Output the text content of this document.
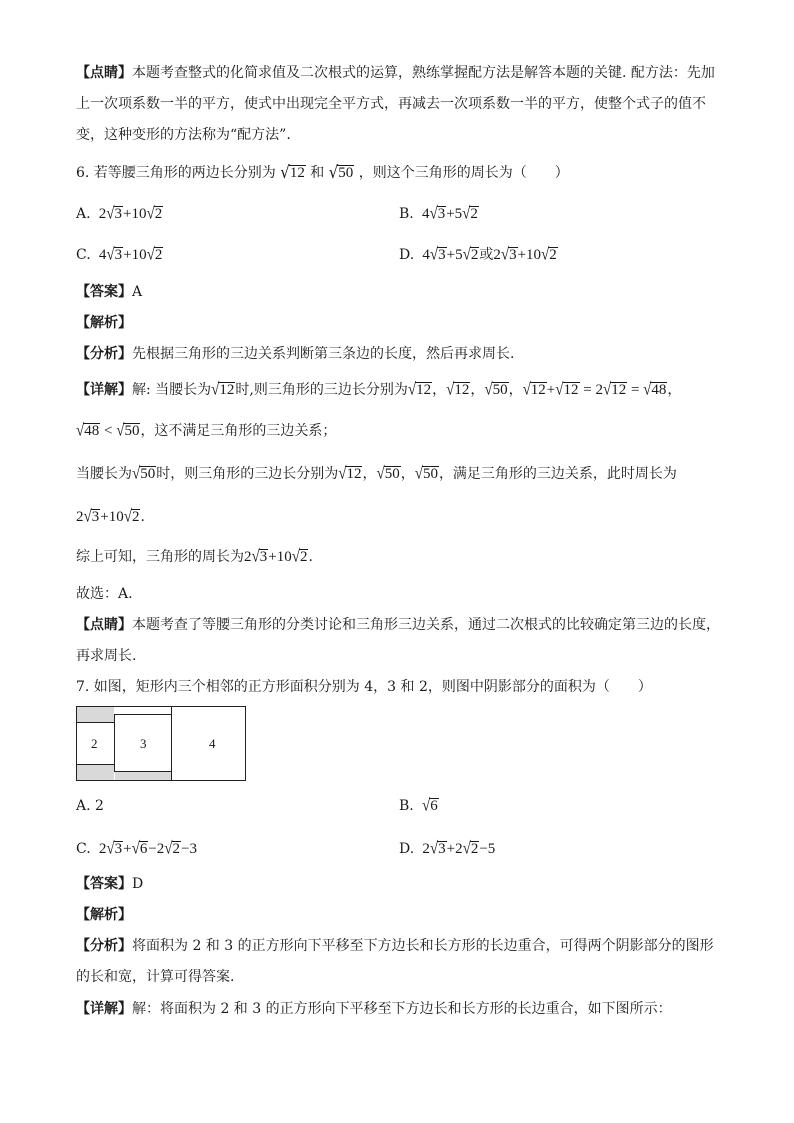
【点睛】本题考查整式的化简求值及二次根式的运算，熟练掌握配方法是解答本题的关键. 配方法：先加
上一次项系数一半的平方，使式中出现完全平方式，再减去一次项系数一半的平方，使整个式子的值不
变，这种变形的方法称为“配方法”.
6. 若等腰三角形的两边长分别为 √12 和 √50 ，则这个三角形的周长为（　　）
A.  2√3+10√2	B.  4√3+5√2
C.  4√3+10√2	D.  4√3+5√2或2√3+10√2
【答案】A
【解析】
【分析】先根据三角形的三边关系判断第三条边的长度，然后再求周长.
【详解】解: 当腰长为√12时,则三角形的三边长分别为√12，√12，√50，√12+√12 = 2√12 = √48，
√48 < √50，这不满足三角形的三边关系；
当腰长为√50时，则三角形的三边长分别为√12，√50，√50，满足三角形的三边关系，此时周长为
2√3+10√2.
综上可知，三角形的周长为2√3+10√2.
故选：A.
【点睛】本题考查了等腰三角形的分类讨论和三角形三边关系，通过二次根式的比较确定第三边的长度，
再求周长.
7. 如图，矩形内三个相邻的正方形面积分别为 4，3 和 2，则图中阴影部分的面积为（　　）
2	3	4
A. 2	B. √6
C.  2√3+√6−2√2−3	D.  2√3+2√2−5
【答案】D
【解析】
【分析】将面积为 2 和 3 的正方形向下平移至下方边长和长方形的长边重合，可得两个阴影部分的图形
的长和宽，计算可得答案.
【详解】解：将面积为 2 和 3 的正方形向下平移至下方边长和长方形的长边重合，如下图所示：
